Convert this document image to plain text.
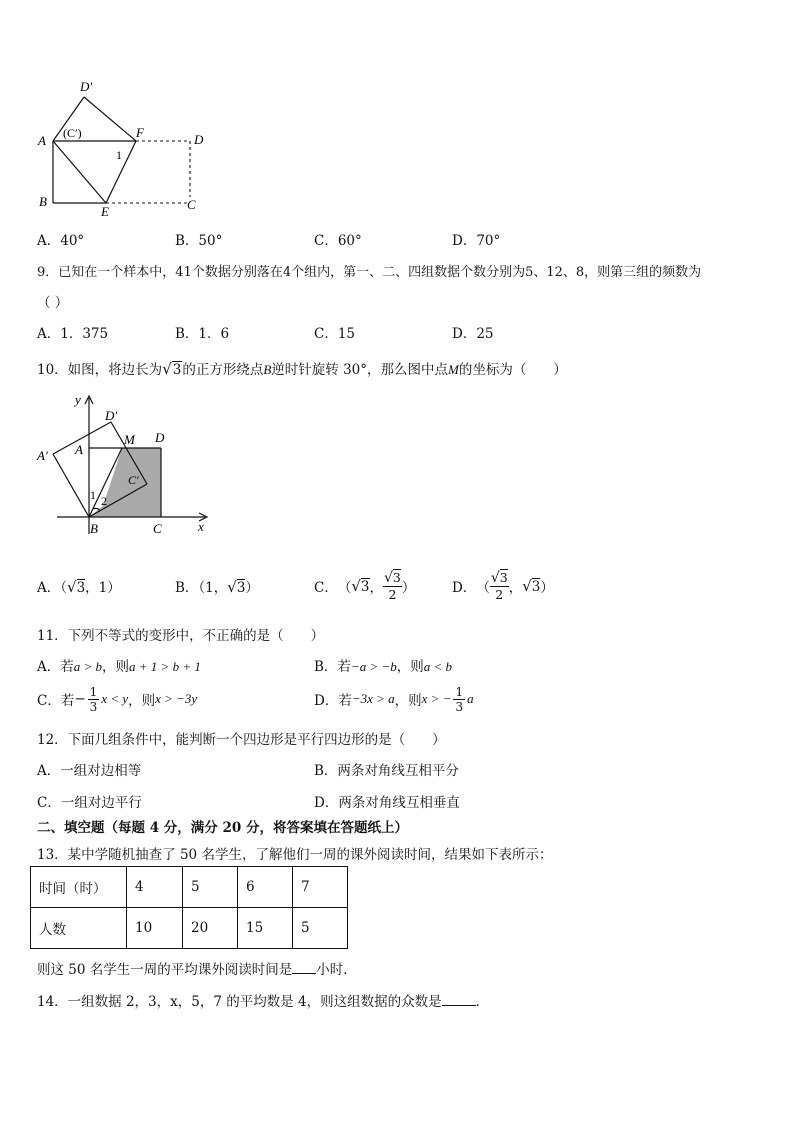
D′
A (C′)	F	D
1
B
E	C
A．40°	B．50°	C．60°	D．70°
9．已知在一个样本中，41个数据分别落在4个组内，第一、二、四组数据个数分别为5、12、8，则第三组的频数为
（ ）
A．1．375	B．1．6	C．15	D．25
10．如图，将边长为√3的正方形绕点B逆时针旋转 30°，那么图中点M的坐标为（　　）
y
D′
A′ A
M D
C′
1 2
B	C	x
A．（√3，1）	B．（1，√3）	C． （ √ 3 ，
√3
2 ）	D． （
√3
2 ， √ 3 ）
11．下列不等式的变形中，不正确的是（　　）
A．若a > b，则a + 1 > b + 1	B．若−a > −b，则a < b
C． 若 − $\frac{1}{3}$ x < y ，则 x > −3y	D． 若 −3x > a ，则 x > − $\frac{1}{3}$ a
12．下面几组条件中，能判断一个四边形是平行四边形的是（　　）
A．一组对边相等	B．两条对角线互相平分
C．一组对边平行	D．两条对角线互相垂直
二、填空题（每题 4 分，满分 20 分，将答案填在答题纸上）
13．某中学随机抽查了 50 名学生，了解他们一周的课外阅读时间，结果如下表所示：
时间（时）	4	5	6	7
人数	10	20	15	5
则这 50 名学生一周的平均课外阅读时间是 小时．
14．一组数据 2，3，x，5，7 的平均数是 4，则这组数据的众数是	．
